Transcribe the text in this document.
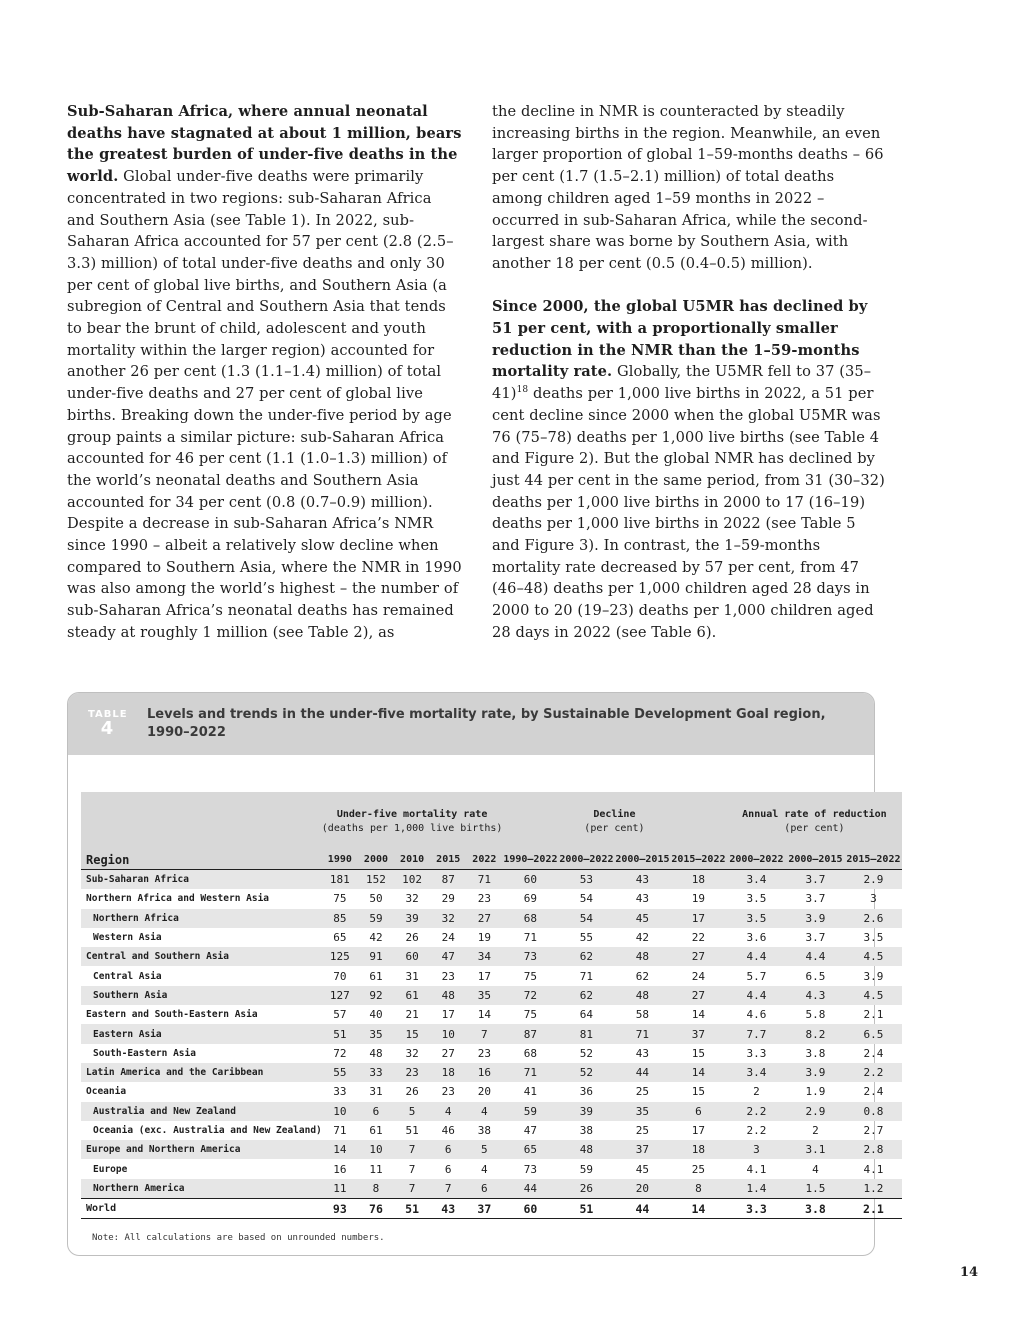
Sub-Saharan Africa, where annual neonatal deaths have stagnated at about 1 million, bears the greatest burden of under-five deaths in the world. Global under-five deaths were primarily concentrated in two regions: sub-Saharan Africa and Southern Asia (see Table 1). In 2022, sub-Saharan Africa accounted for 57 per cent (2.8 (2.5–3.3) million) of total under-five deaths and only 30 per cent of global live births, and Southern Asia (a subregion of Central and Southern Asia that tends to bear the brunt of child, adolescent and youth mortality within the larger region) accounted for another 26 per cent (1.3 (1.1–1.4) million) of total under-five deaths and 27 per cent of global live births. Breaking down the under-five period by age group paints a similar picture: sub-Saharan Africa accounted for 46 per cent (1.1 (1.0–1.3) million) of the world’s neonatal deaths and Southern Asia accounted for 34 per cent (0.8 (0.7–0.9) million). Despite a decrease in sub-Saharan Africa’s NMR since 1990 – albeit a relatively slow decline when compared to Southern Asia, where the NMR in 1990 was also among the world’s highest – the number of sub-Saharan Africa’s neonatal deaths has remained steady at roughly 1 million (see Table 2), as

the decline in NMR is counteracted by steadily increasing births in the region. Meanwhile, an even larger proportion of global 1–59-months deaths – 66 per cent (1.7 (1.5–2.1) million) of total deaths among children aged 1–59 months in 2022 – occurred in sub-Saharan Africa, while the second-largest share was borne by Southern Asia, with another 18 per cent (0.5 (0.4–0.5) million).

Since 2000, the global U5MR has declined by 51 per cent, with a proportionally smaller reduction in the NMR than the 1–59-months mortality rate. Globally, the U5MR fell to 37 $(35-41)^{18}$ deaths per 1,000 live births in 2022, a 51 per cent decline since 2000 when the global U5MR was 76 (75–78) deaths per 1,000 live births (see Table 4 and Figure 2). But the global NMR has declined by just 44 per cent in the same period, from 31 (30–32) deaths per 1,000 live births in 2000 to 17 (16–19) deaths per 1,000 live births in 2022 (see Table 5 and Figure 3). In contrast, the 1–59-months mortality rate decreased by 57 per cent, from 47 (46–48) deaths per 1,000 children aged 28 days in 2000 to 20 (19–23) deaths per 1,000 children aged 28 days in 2022 (see Table 6).

TABLE
4
Levels and trends in the under-five mortality rate, by Sustainable Development Goal region, 1990–2022
	Under-five mortality rate
(deaths per 1,000 live births)					Decline
(per cent)				Annual rate of reduction
(per cent)		
Region	1990	2000	2010	2015	2022	1990–2022	2000–2022	2000–2015	2015–2022	2000–2022	2000–2015	2015–2022
Sub-Saharan Africa	181	152	102	87	71	60	53	43	18	3.4	3.7	2.9
Northern Africa and Western Asia	75	50	32	29	23	69	54	43	19	3.5	3.7	3
Northern Africa	85	59	39	32	27	68	54	45	17	3.5	3.9	2.6
Western Asia	65	42	26	24	19	71	55	42	22	3.6	3.7	3.5
Central and Southern Asia	125	91	60	47	34	73	62	48	27	4.4	4.4	4.5
Central Asia	70	61	31	23	17	75	71	62	24	5.7	6.5	3.9
Southern Asia	127	92	61	48	35	72	62	48	27	4.4	4.3	4.5
Eastern and South-Eastern Asia	57	40	21	17	14	75	64	58	14	4.6	5.8	2.1
Eastern Asia	51	35	15	10	7	87	81	71	37	7.7	8.2	6.5
South-Eastern Asia	72	48	32	27	23	68	52	43	15	3.3	3.8	2.4
Latin America and the Caribbean	55	33	23	18	16	71	52	44	14	3.4	3.9	2.2
Oceania	33	31	26	23	20	41	36	25	15	2	1.9	2.4
Australia and New Zealand	10	6	5	4	4	59	39	35	6	2.2	2.9	0.8
Oceania (exc. Australia and New Zealand)	71	61	51	46	38	47	38	25	17	2.2	2	2.7
Europe and Northern America	14	10	7	6	5	65	48	37	18	3	3.1	2.8
Europe	16	11	7	6	4	73	59	45	25	4.1	4	4.1
Northern America	11	8	7	7	6	44	26	20	8	1.4	1.5	1.2
World	93	76	51	43	37	60	51	44	14	3.3	3.8	2.1
Note: All calculations are based on unrounded numbers.
14
